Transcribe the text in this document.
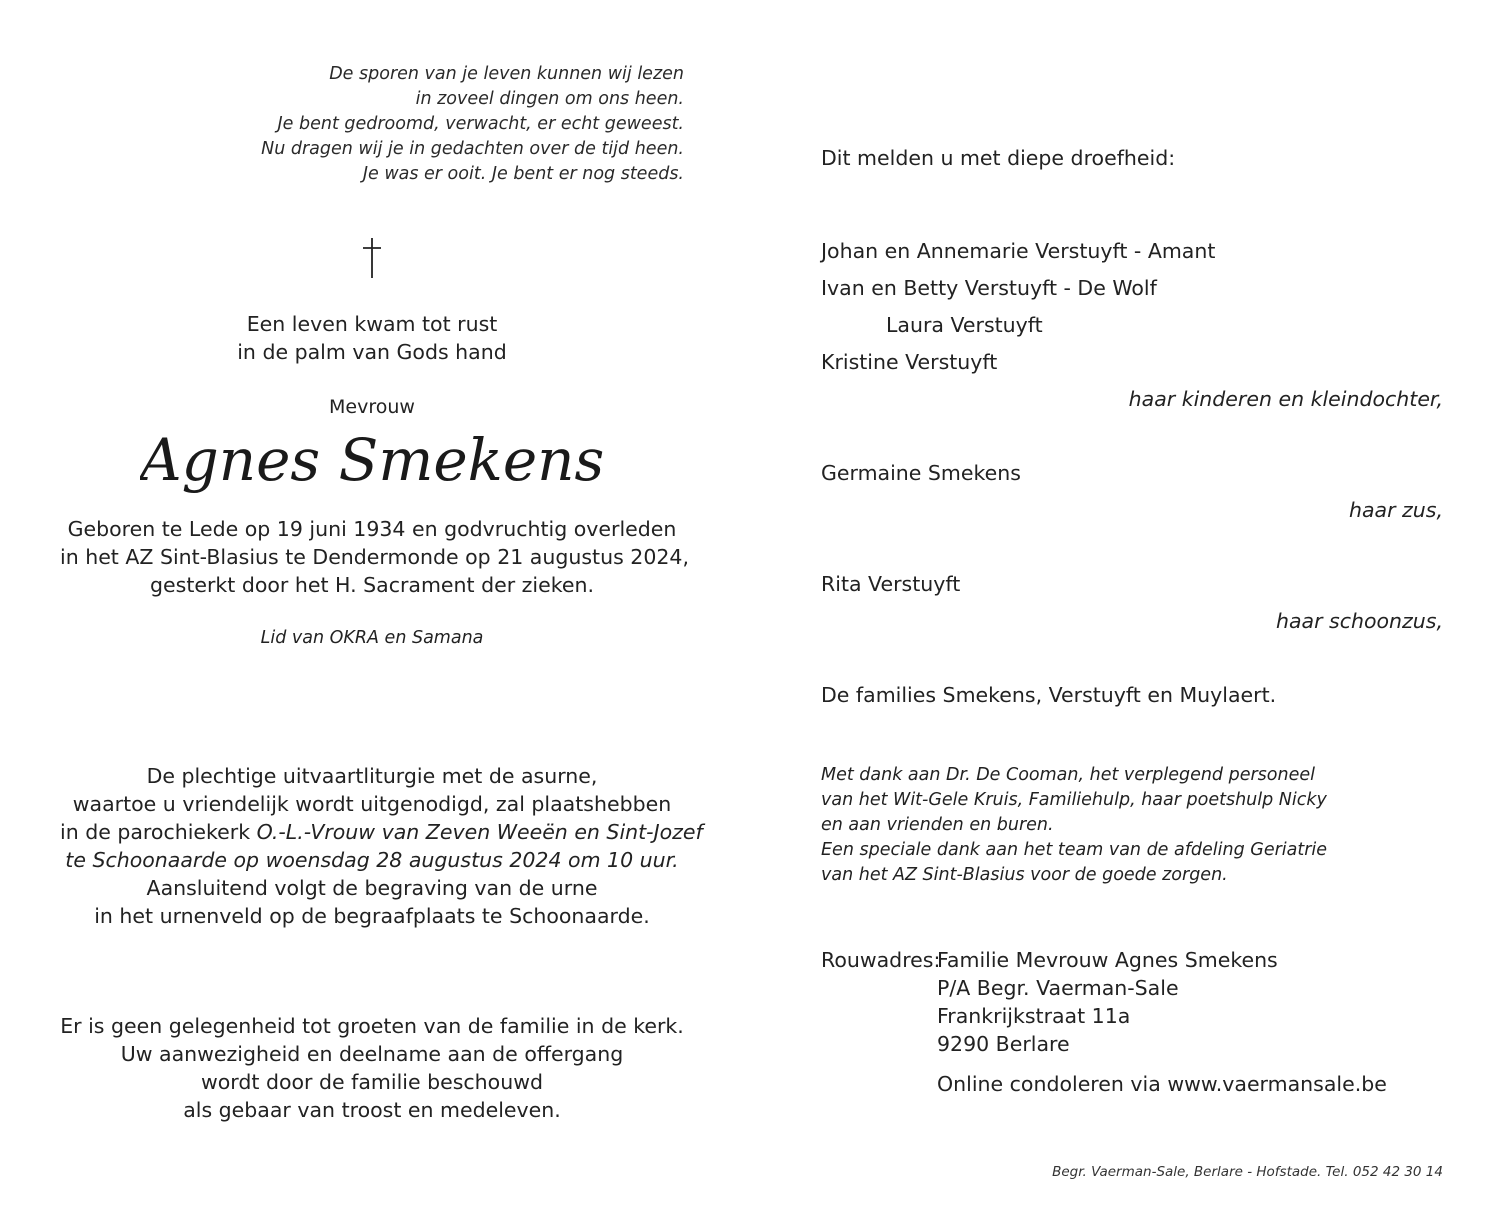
De sporen van je leven kunnen wij lezen
in zoveel dingen om ons heen.
Je bent gedroomd, verwacht, er echt geweest.
Nu dragen wij je in gedachten over de tijd heen.
Je was er ooit. Je bent er nog steeds.
Een leven kwam tot rust
in de palm van Gods hand
Mevrouw
Agnes Smekens
Geboren te Lede op 19 juni 1934 en godvruchtig overleden
in het AZ Sint-Blasius te Dendermonde op 21 augustus 2024,
gesterkt door het H. Sacrament der zieken.
Lid van OKRA en Samana
De plechtige uitvaartliturgie met de asurne,
waartoe u vriendelijk wordt uitgenodigd, zal plaatshebben
in de parochiekerk O.-L.-Vrouw van Zeven Weeën en Sint-Jozef
te Schoonaarde op woensdag 28 augustus 2024 om 10 uur.
Aansluitend volgt de begraving van de urne
in het urnenveld op de begraafplaats te Schoonaarde.
Er is geen gelegenheid tot groeten van de familie in de kerk.
Uw aanwezigheid en deelname aan de offergang
wordt door de familie beschouwd
als gebaar van troost en medeleven.
Dit melden u met diepe droefheid:
Johan en Annemarie Verstuyft - Amant
Ivan en Betty Verstuyft - De Wolf
Laura Verstuyft
Kristine Verstuyft
haar kinderen en kleindochter,
Germaine Smekens
haar zus,
Rita Verstuyft
haar schoonzus,
De families Smekens, Verstuyft en Muylaert.
Met dank aan Dr. De Cooman, het verplegend personeel
van het Wit-Gele Kruis, Familiehulp, haar poetshulp Nicky
en aan vrienden en buren.
Een speciale dank aan het team van de afdeling Geriatrie
van het AZ Sint-Blasius voor de goede zorgen.
Rouwadres:
Familie Mevrouw Agnes Smekens
P/A Begr. Vaerman-Sale
Frankrijkstraat 11a
9290 Berlare
Online condoleren via www.vaermansale.be
Begr. Vaerman-Sale, Berlare - Hofstade. Tel. 052 42 30 14
